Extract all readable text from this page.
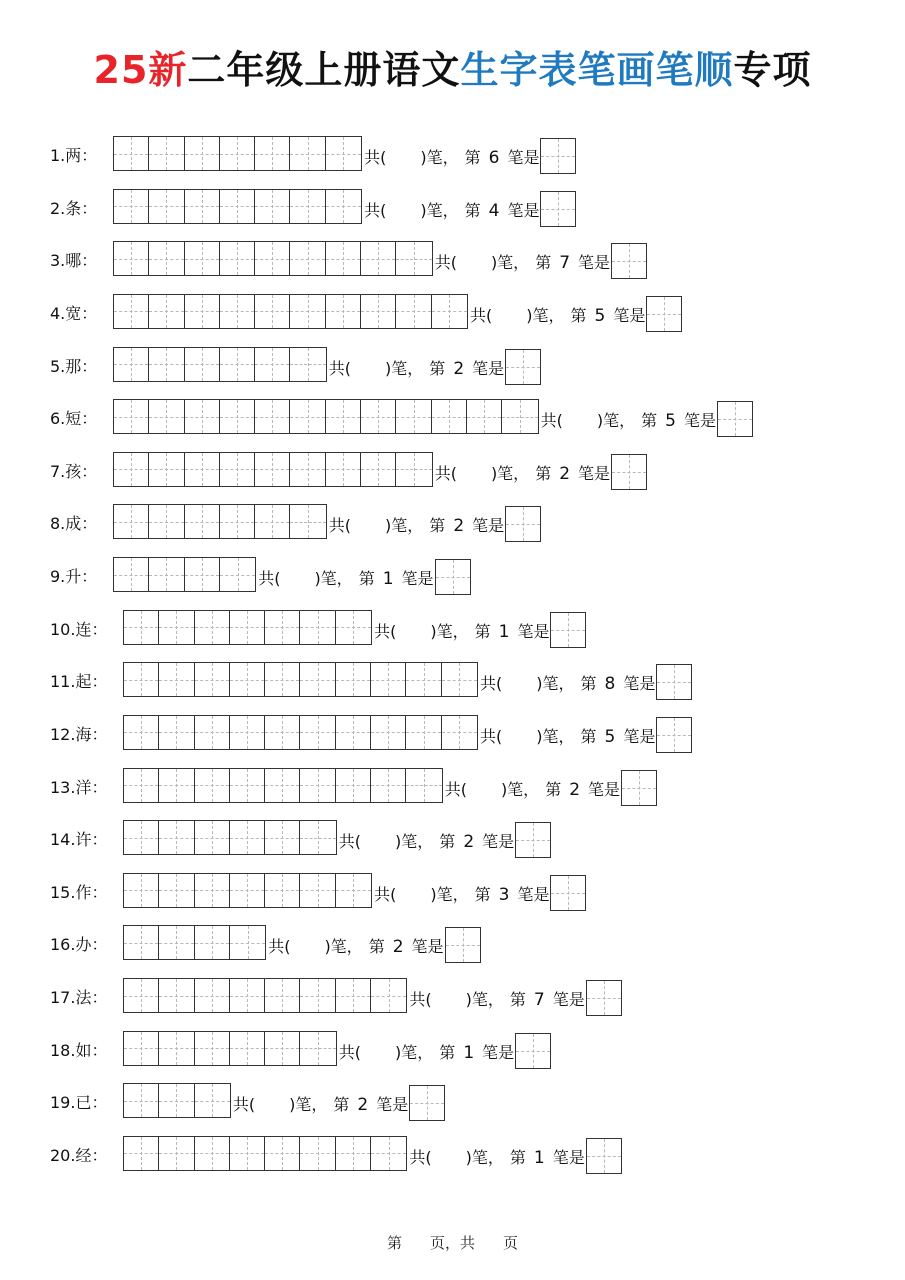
25新二年级上册语文生字表笔画笔顺专项
1.两：	共( )笔， 第 6 笔是
2.条：	共( )笔， 第 4 笔是
3.哪：	共( )笔， 第 7 笔是
4.宽：	共( )笔， 第 5 笔是
5.那：	共( )笔， 第 2 笔是
6.短：	共( )笔， 第 5 笔是
7.孩：	共( )笔， 第 2 笔是
8.成：	共( )笔， 第 2 笔是
9.升：	共( )笔， 第 1 笔是
10.连：	共( )笔， 第 1 笔是
11.起：	共( )笔， 第 8 笔是
12.海：	共( )笔， 第 5 笔是
13.洋：	共( )笔， 第 2 笔是
14.许：	共( )笔， 第 2 笔是
15.作：	共( )笔， 第 3 笔是
16.办：	共( )笔， 第 2 笔是
17.法：	共( )笔， 第 7 笔是
18.如：	共( )笔， 第 1 笔是
19.已：	共( )笔， 第 2 笔是
20.经：	共( )笔， 第 1 笔是
第 页，共 页
